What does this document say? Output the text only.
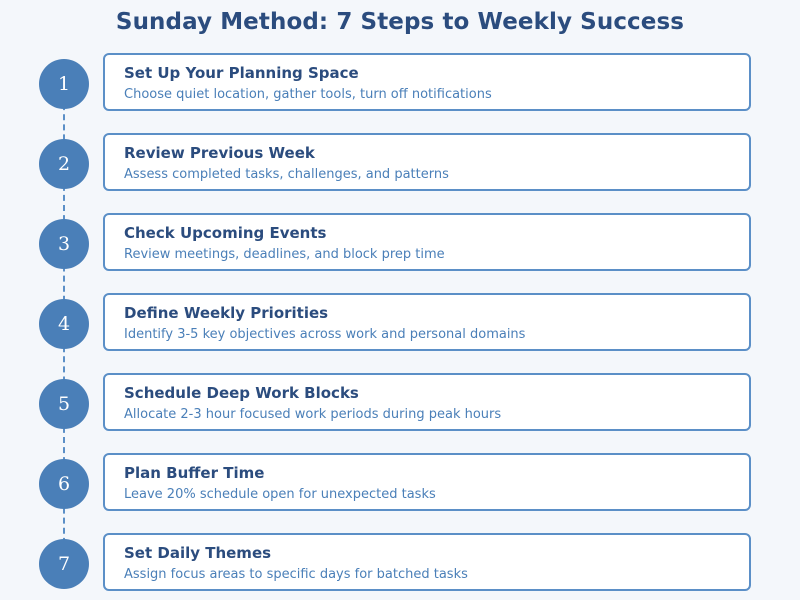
Sunday Method: 7 Steps to Weekly Success
1	Set Up Your Planning Space
Choose quiet location, gather tools, turn off notifications
2	Review Previous Week
Assess completed tasks, challenges, and patterns
3	Check Upcoming Events
Review meetings, deadlines, and block prep time
4	Define Weekly Priorities
Identify 3-5 key objectives across work and personal domains
5	Schedule Deep Work Blocks
Allocate 2-3 hour focused work periods during peak hours
6	Plan Buffer Time
Leave 20% schedule open for unexpected tasks
7	Set Daily Themes
Assign focus areas to specific days for batched tasks
